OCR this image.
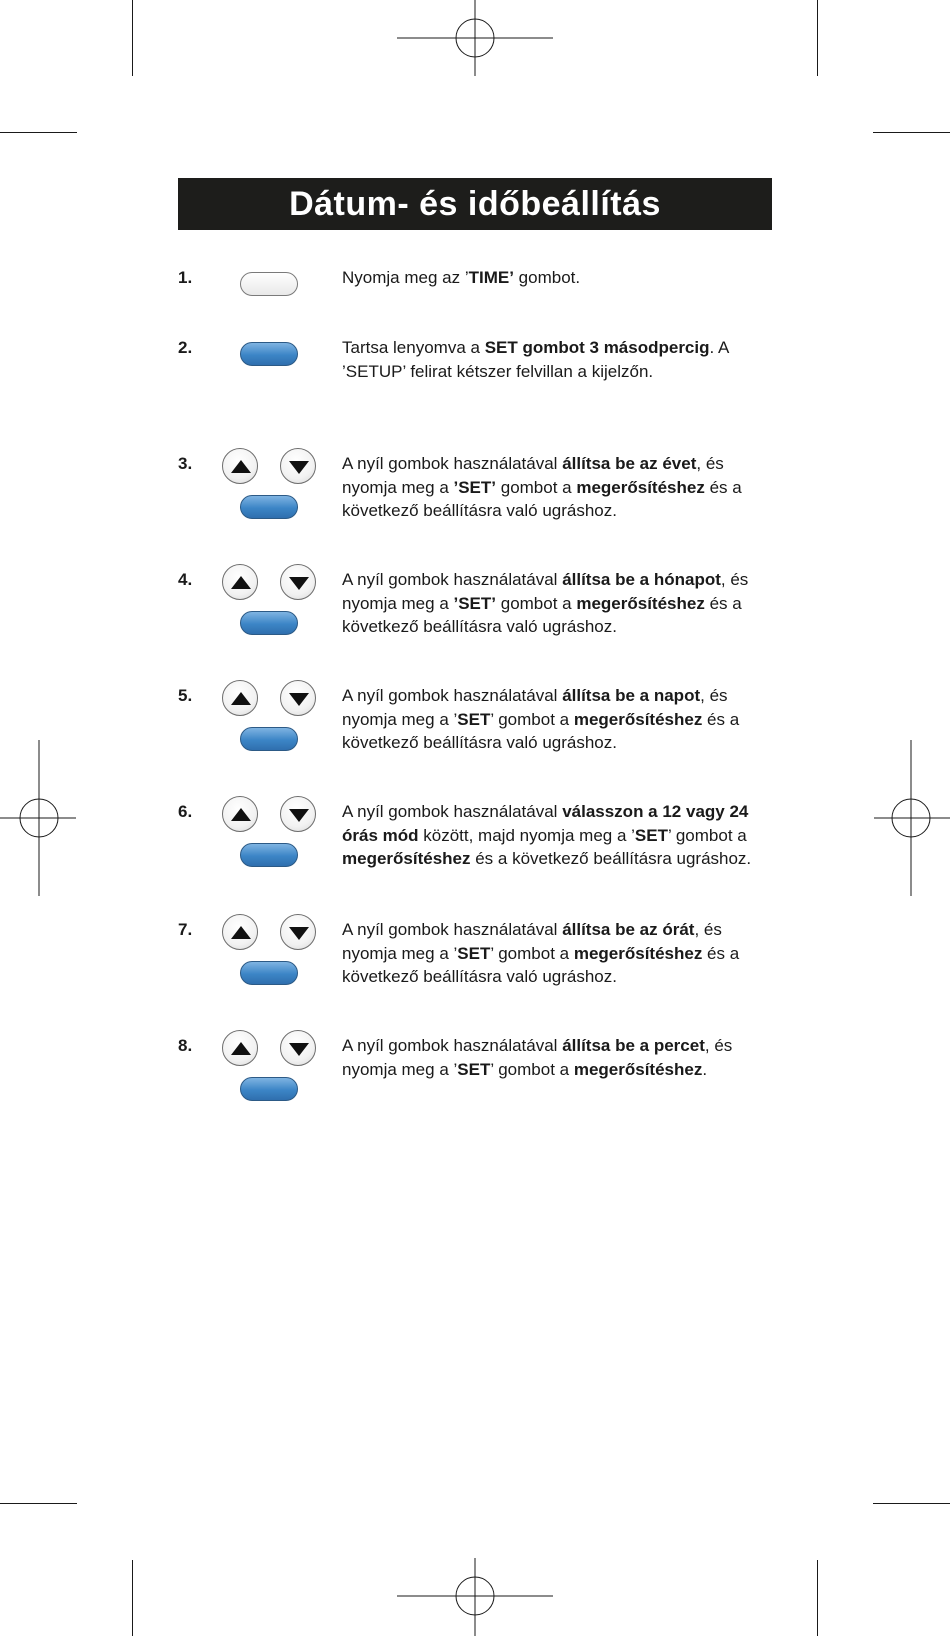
Dátum- és időbeállítás
1.	Nyomja meg az ’TIME’ gombot.
2.	Tartsa lenyomva a SET gombot 3 másodpercig. A ’SETUP’ felirat kétszer felvillan a kijelzőn.
3.	A nyíl gombok használatával állítsa be az évet, és nyomja meg a ’SET’ gombot a megerősítéshez és a következő beállításra való ugráshoz.
4.	A nyíl gombok használatával állítsa be a hónapot, és nyomja meg a ’SET’ gombot a megerősítéshez és a következő beállításra való ugráshoz.
5.	A nyíl gombok használatával állítsa be a napot, és nyomja meg a ’SET’ gombot a megerősítéshez és a következő beállításra való ugráshoz.
6.	A nyíl gombok használatával válasszon a 12 vagy 24 órás mód között, majd nyomja meg a ’SET’ gombot a megerősítéshez és a következő beállításra ugráshoz.
7.	A nyíl gombok használatával állítsa be az órát, és nyomja meg a ’SET’ gombot a megerősítéshez és a következő beállításra való ugráshoz.
8.	A nyíl gombok használatával állítsa be a percet, és nyomja meg a ’SET’ gombot a megerősítéshez.
